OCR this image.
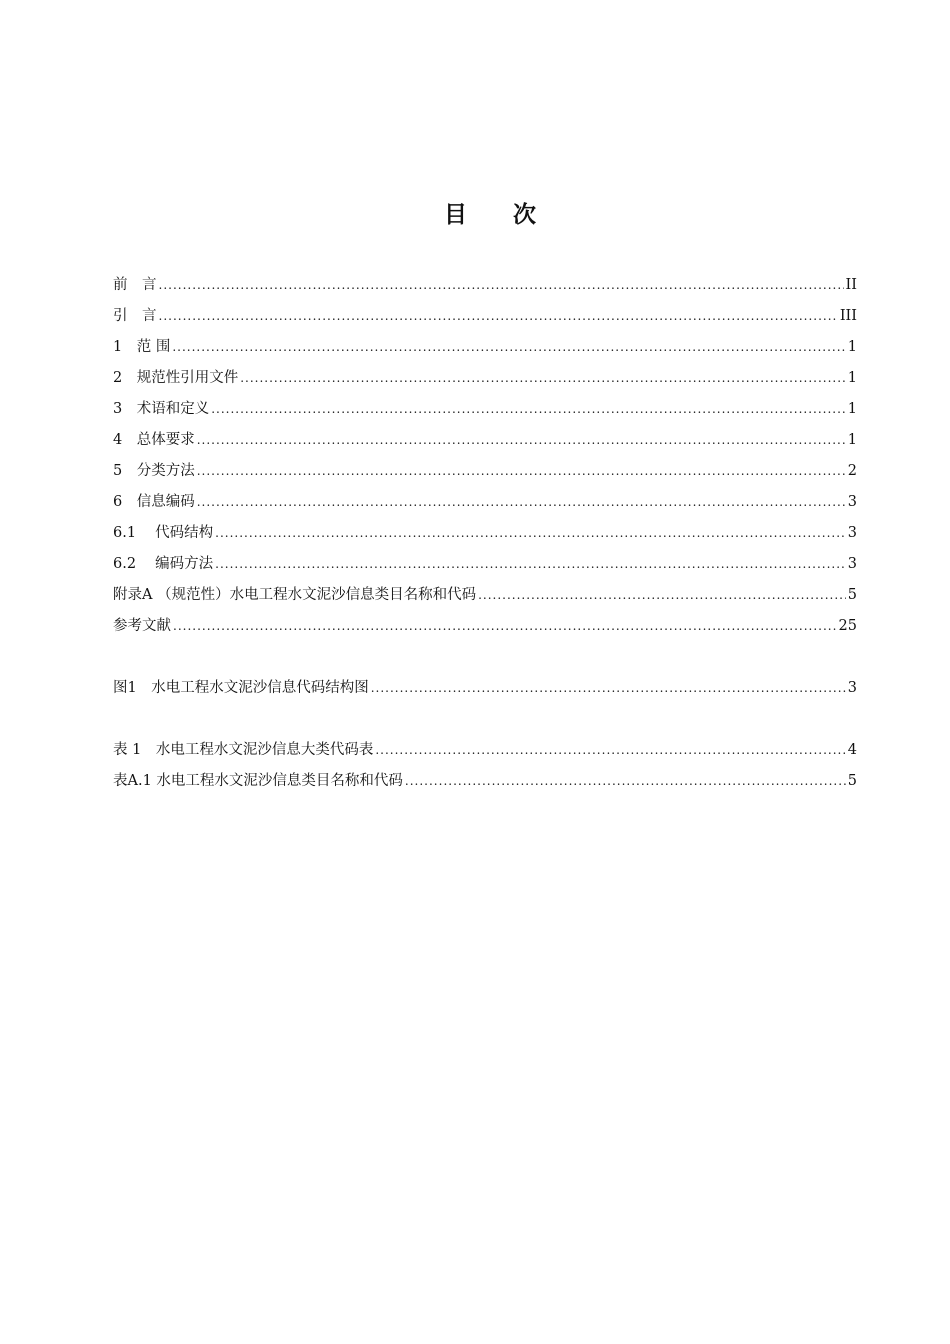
目　　次
前　言 .....	II
引　言 .....	III
1　范 围 .....	1
2　规范性引用文件 .....	1
3　术语和定义 .....	1
4　总体要求 .....	1
5　分类方法 .....	2
6　信息编码 .....	3
6.1　 代码结构 .....	3
6.2　 编码方法 .....	3
附录A （规范性）水电工程水文泥沙信息类目名称和代码 .....	5
参考文献 .....	25
图1　水电工程水文泥沙信息代码结构图 .....	3
表 1　水电工程水文泥沙信息大类代码表 .....	4
表A.1 水电工程水文泥沙信息类目名称和代码 .....	5
